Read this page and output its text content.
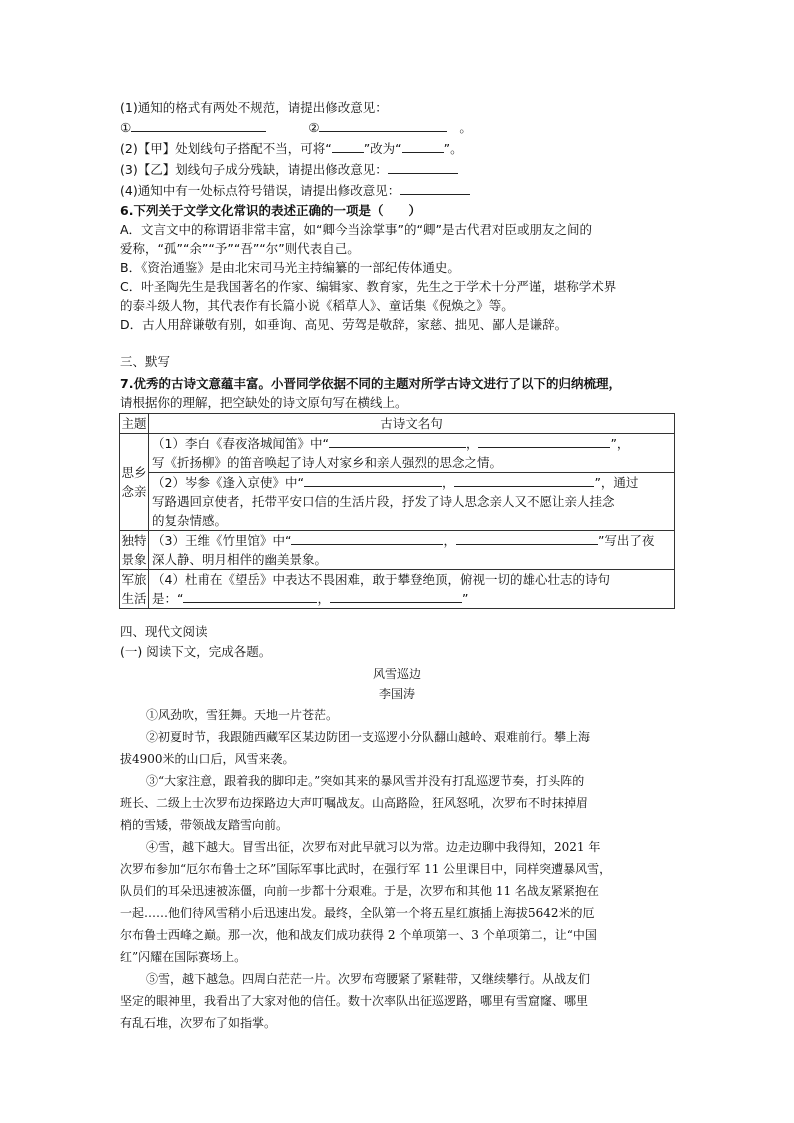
(1)通知的格式有两处不规范，请提出修改意见：
①	②	。
(2)【甲】处划线句子搭配不当，可将“	”改为“	”。
(3)【乙】划线句子成分残缺，请提出修改意见：
(4)通知中有一处标点符号错误，请提出修改意见：
6.下列关于文学文化常识的表述正确的一项是（　　）
A．文言文中的称谓语非常丰富，如“卿今当涂掌事”的“卿”是古代君对臣或朋友之间的
爱称，“孤”“余”“予”“吾”“尔”则代表自己。
B．《资治通鉴》是由北宋司马光主持编纂的一部纪传体通史。
C．叶圣陶先生是我国著名的作家、编辑家、教育家，先生之于学术十分严谨，堪称学术界
的泰斗级人物，其代表作有长篇小说《稻草人》、童话集《倪焕之》等。
D．古人用辞谦敬有别，如垂询、高见、劳驾是敬辞，家慈、拙见、鄙人是谦辞。
三、默写
7.优秀的古诗文意蕴丰富。小晋同学依据不同的主题对所学古诗文进行了以下的归纳梳理，
请根据你的理解，把空缺处的诗文原句写在横线上。
主题	古诗文名句
思乡念亲	（1）李白《春夜洛城闻笛》中“ ， ”，
写《折扬柳》的笛音唤起了诗人对家乡和亲人强烈的思念之情。
	（2）岑参《逢入京使》中“ ， ”，通过
写路遇回京使者，托带平安口信的生活片段，抒发了诗人思念亲人又不愿让亲人挂念
的复杂情感。
独特景象	（3）王维《竹里馆》中“ ， ”写出了夜
深人静、明月相伴的幽美景象。
军旅生活	（4）杜甫在《望岳》中表达不畏困难，敢于攀登绝顶，俯视一切的雄心壮志的诗句
是：“ ， ”
四、现代文阅读
(一) 阅读下文，完成各题。
风雪巡边
李国涛
①风劲吹，雪狂舞。天地一片苍茫。
②初夏时节，我跟随西藏军区某边防团一支巡逻小分队翻山越岭、艰难前行。攀上海
拔4900米的山口后，风雪来袭。
③“大家注意，跟着我的脚印走。”突如其来的暴风雪并没有打乱巡逻节奏，打头阵的
班长、二级上士次罗布边探路边大声叮嘱战友。山高路险，狂风怒吼，次罗布不时抹掉眉
梢的雪矮，带领战友踏雪向前。
④雪，越下越大。冒雪出征，次罗布对此早就习以为常。边走边聊中我得知，2021 年
次罗布参加“厄尔布鲁士之环”国际军事比武时，在强行军 11 公里课目中，同样突遭暴风雪，
队员们的耳朵迅速被冻僵，向前一步都十分艰难。于是，次罗布和其他 11 名战友紧紧抱在
一起……他们待风雪稍小后迅速出发。最终，全队第一个将五星红旗插上海拔5642米的厄
尔布鲁士西峰之巅。那一次，他和战友们成功获得 2 个单项第一、3 个单项第二，让“中国
红”闪耀在国际赛场上。
⑤雪，越下越急。四周白茫茫一片。次罗布弯腰紧了紧鞋带，又继续攀行。从战友们
坚定的眼神里，我看出了大家对他的信任。数十次率队出征巡逻路，哪里有雪窟窿、哪里
有乱石堆，次罗布了如指掌。
